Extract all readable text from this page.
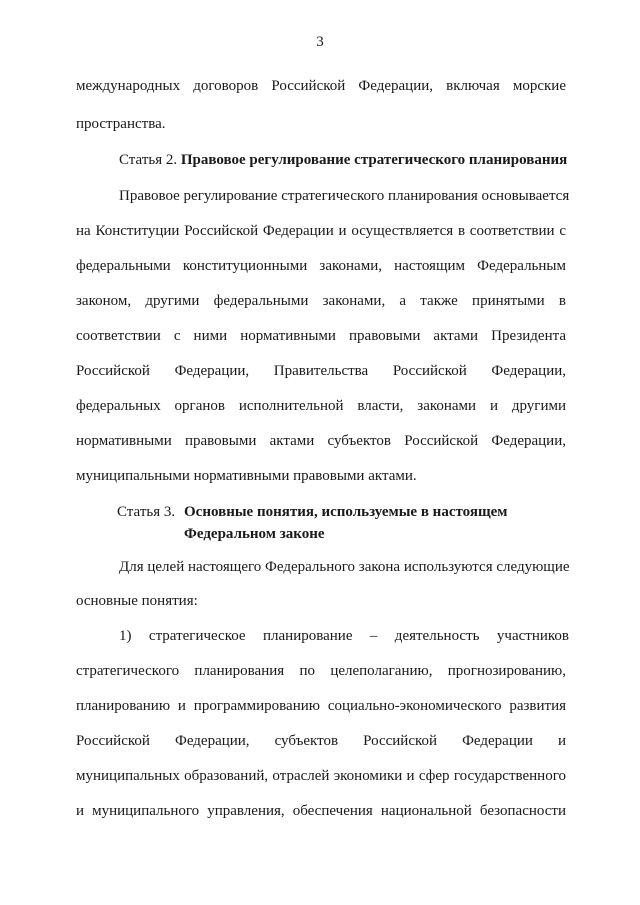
3
международных договоров Российской Федерации, включая морские
пространства.
Статья 2. Правовое регулирование стратегического планирования
Правовое регулирование стратегического планирования основывается
на Конституции Российской Федерации и осуществляется в соответствии с
федеральными конституционными законами, настоящим Федеральным
законом, другими федеральными законами, а также принятыми в
соответствии с ними нормативными правовыми актами Президента
Российской Федерации, Правительства Российской Федерации,
федеральных органов исполнительной власти, законами и другими
нормативными правовыми актами субъектов Российской Федерации,
муниципальными нормативными правовыми актами.
Статья 3. Основные понятия, используемые в настоящем
Федеральном законе
Для целей настоящего Федерального закона используются следующие
основные понятия:
1) стратегическое планирование – деятельность участников
стратегического планирования по целеполаганию, прогнозированию,
планированию и программированию социально-экономического развития
Российской Федерации, субъектов Российской Федерации и
муниципальных образований, отраслей экономики и сфер государственного
и муниципального управления, обеспечения национальной безопасности
